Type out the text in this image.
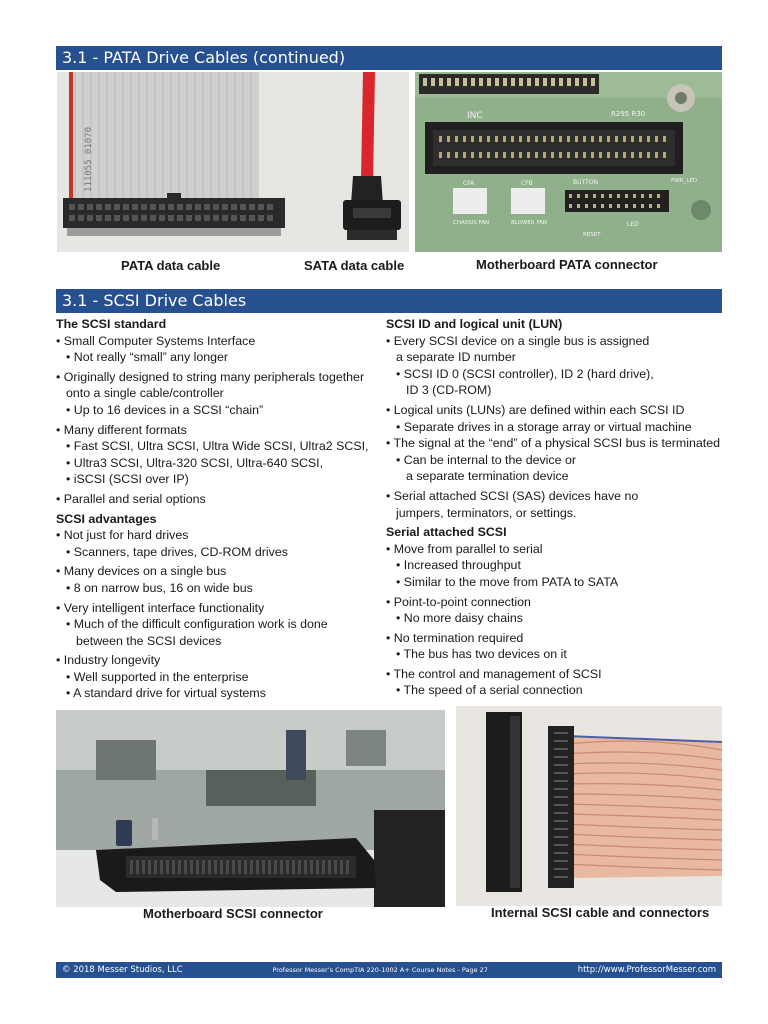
3.1 - PATA Drive Cables (continued)
111055 01070
INC	R295 R30
CFA	CFB
CHASSIS FAN	BLOWER FAN
BUTTON	PWR_LED
LED
RESET
PATA data cable	SATA data cable	Motherboard PATA connector
3.1 - SCSI Drive Cables
The SCSI standard
• Small Computer Systems Interface
• Not really “small” any longer
• Originally designed to string many peripherals together
onto a single cable/controller
• Up to 16 devices in a SCSI “chain”
• Many different formats
• Fast SCSI, Ultra SCSI, Ultra Wide SCSI, Ultra2 SCSI,
• Ultra3 SCSI, Ultra-320 SCSI, Ultra-640 SCSI,
• iSCSI (SCSI over IP)
• Parallel and serial options
SCSI advantages
• Not just for hard drives
• Scanners, tape drives, CD-ROM drives
• Many devices on a single bus
• 8 on narrow bus, 16 on wide bus
• Very intelligent interface functionality
• Much of the difficult configuration work is done
between the SCSI devices
• Industry longevity
• Well supported in the enterprise
• A standard drive for virtual systems
SCSI ID and logical unit (LUN)
• Every SCSI device on a single bus is assigned
a separate ID number
• SCSI ID 0 (SCSI controller), ID 2 (hard drive),
ID 3 (CD-ROM)
• Logical units (LUNs) are defined within each SCSI ID
• Separate drives in a storage array or virtual machine
• The signal at the “end” of a physical SCSI bus is terminated
• Can be internal to the device or
a separate termination device
• Serial attached SCSI (SAS) devices have no
jumpers, terminators, or settings.
Serial attached SCSI
• Move from parallel to serial
• Increased throughput
• Similar to the move from PATA to SATA
• Point-to-point connection
• No more daisy chains
• No termination required
• The bus has two devices on it
• The control and management of SCSI
• The speed of a serial connection
Motherboard SCSI connector	Internal SCSI cable and connectors
© 2018 Messer Studios, LLC	Professor Messer’s CompTIA 220-1002 A+ Course Notes - Page 27	http://www.ProfessorMesser.com
